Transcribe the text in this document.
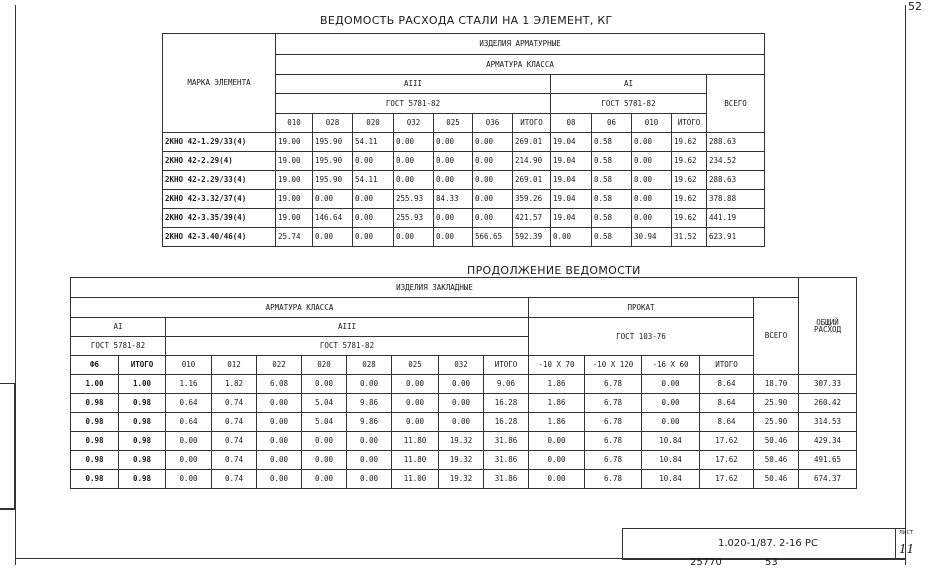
52
ВЕДОМОСТЬ РАСХОДА СТАЛИ НА 1 ЭЛЕМЕНТ, КГ
МАРКА ЭЛЕМЕНТА	ИЗДЕЛИЯ АРМАТУРНЫЕ											
	АРМАТУРА КЛАССА											
	AIII							AI				ВСЕГО
	ГОСТ 5781-82							ГОСТ 5781-82				
	010	028	020	032	025	036	ИТОГО	08	06	010	ИТОГО	
2КНО 42-1.29/33(4)	19.00	195.90	54.11	0.00	0.00	0.00	269.01	19.04	0.58	0.00	19.62	288.63
2КНО 42-2.29(4)	19.00	195.90	0.00	0.00	0.00	0.00	214.90	19.04	0.58	0.00	19.62	234.52
2КНО 42-2.29/33(4)	19.00	195.90	54.11	0.00	0.00	0.00	269.01	19.04	0.58	0.00	19.62	288.63
2КНО 42-3.32/37(4)	19.00	0.00	0.00	255.93	84.33	0.00	359.26	19.04	0.58	0.00	19.62	378.88
2КНО 42-3.35/39(4)	19.00	146.64	0.00	255.93	0.00	0.00	421.57	19.04	0.58	0.00	19.62	441.19
2КНО 42-3.40/46(4)	25.74	0.00	0.00	0.00	0.00	566.65	592.39	0.00	0.58	30.94	31.52	623.91
ПРОДОЛЖЕНИЕ ВЕДОМОСТИ
ИЗДЕЛИЯ ЗАКЛАДНЫЕ															ОБЩИЙ
РАСХОД
АРМАТУРА КЛАССА										ПРОКАТ				ВСЕГО	
AI		AIII								ГОСТ 103-76					
ГОСТ 5781-82		ГОСТ 5781-82													
Ф6	ИТОГО	010	012	022	020	028	025	032	ИТОГО	-10 Х 70	-10 Х 120	-16 Х 60	ИТОГО		
1.00	1.00	1.16	1.82	6.08	0.00	0.00	0.00	0.00	9.06	1.86	6.78	0.00	8.64	18.70	307.33
0.98	0.98	0.64	0.74	0.00	5.04	9.86	0.00	0.00	16.28	1.86	6.78	0.00	8.64	25.90	260.42
0.98	0.98	0.64	0.74	0.00	5.04	9.86	0.00	0.00	16.28	1.86	6.78	0.00	8.64	25.90	314.53
0.98	0.98	0.00	0.74	0.00	0.00	0.00	11.80	19.32	31.86	0.00	6.78	10.84	17.62	50.46	429.34
0.98	0.98	0.00	0.74	0.00	0.00	0.00	11.80	19.32	31.86	0.00	6.78	10.84	17.62	50.46	491.65
0.98	0.98	0.00	0.74	0.00	0.00	0.00	11.00	19.32	31.86	0.00	6.78	10.84	17.62	50.46	674.37
1.020-1/87. 2-16 РС
ЛИСТ
11
25770	53
